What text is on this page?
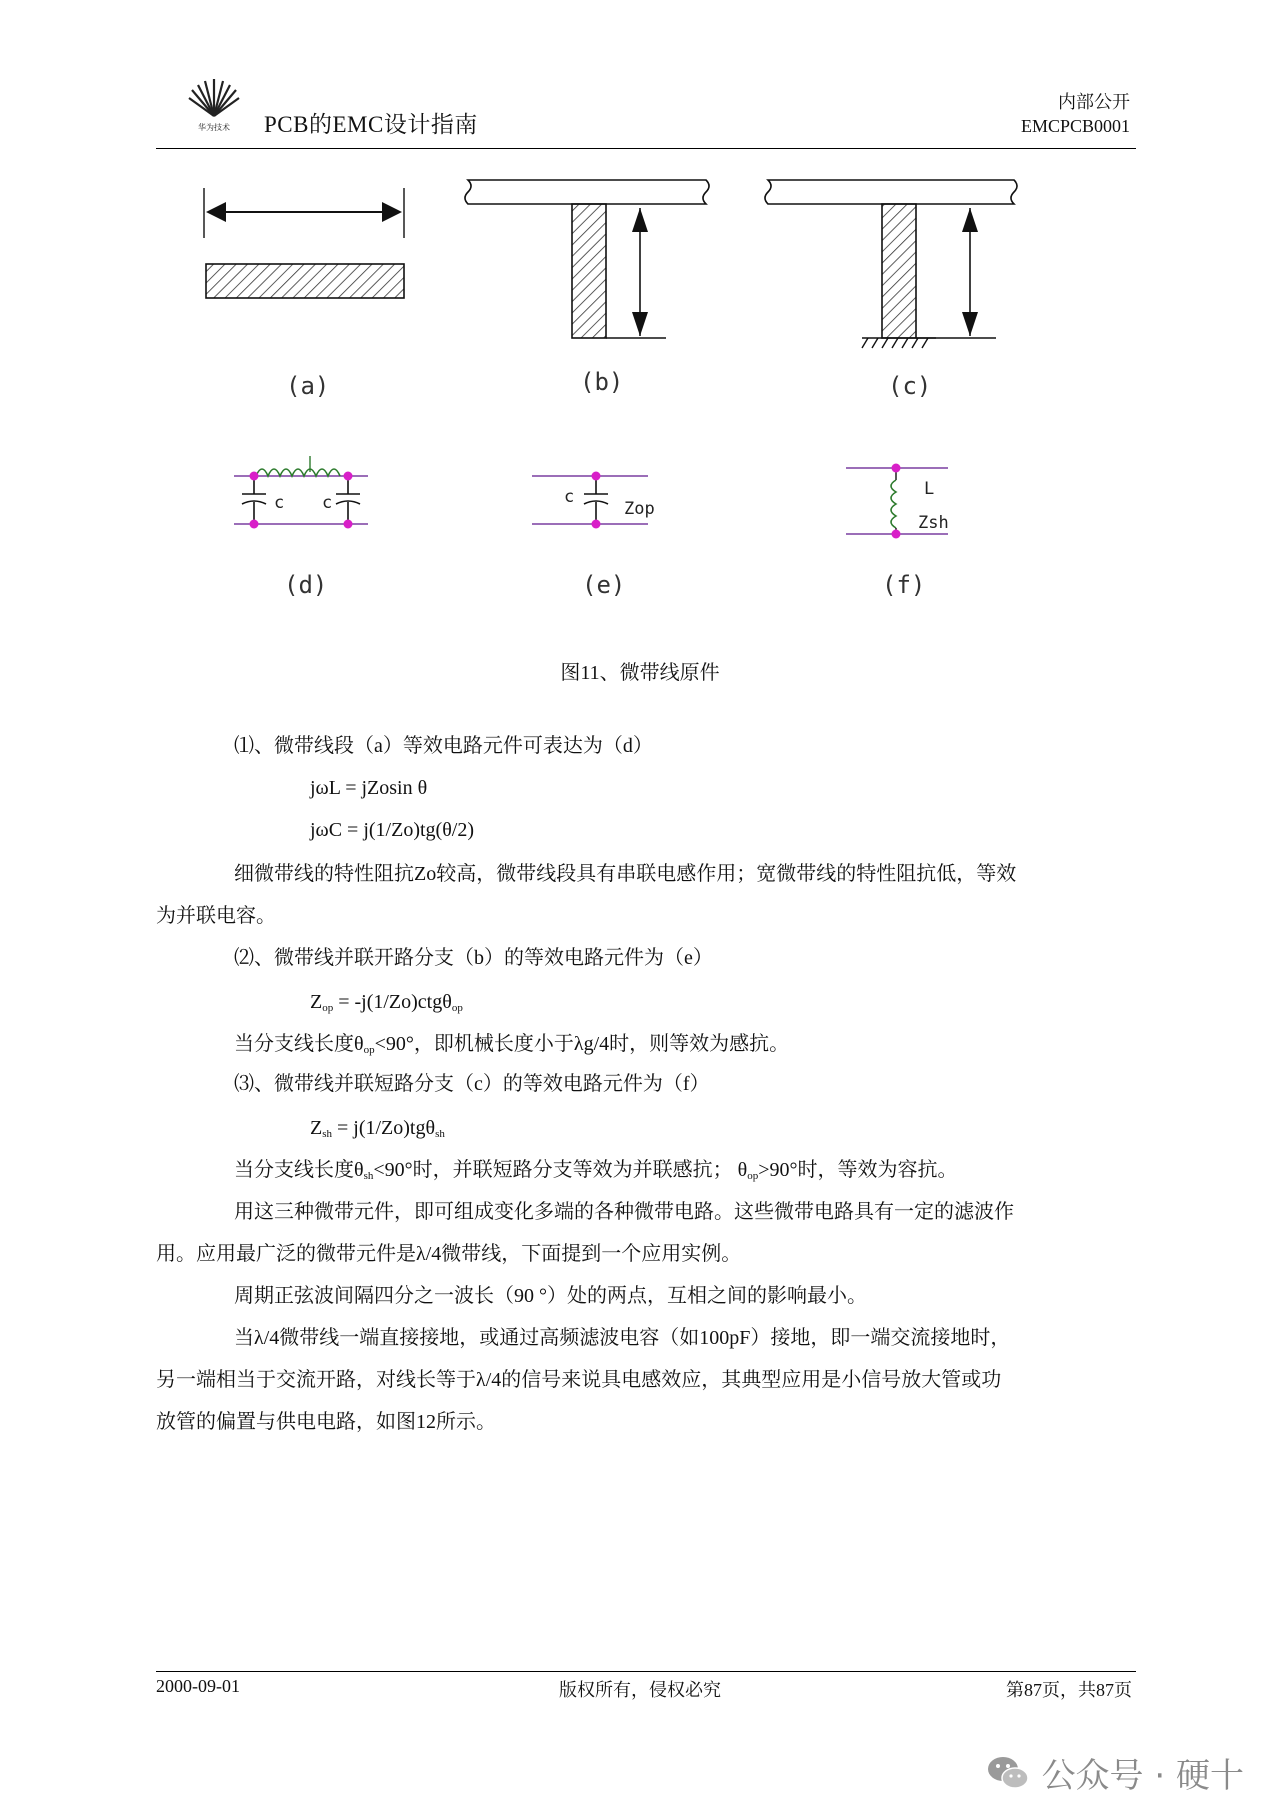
华为技术 PCB的EMC设计指南
内部公开
EMCPCB0001
(a)	(b)	(c)
c c	c
Zop
L
Zsh
(d)	(e)	(f)
图11、微带线原件
⑴、微带线段（a）等效电路元件可表达为（d）
jωL = jZosin θ
jωC = j(1/Zo)tg(θ/2)
细微带线的特性阻抗Zo较高，微带线段具有串联电感作用；宽微带线的特性阻抗低，等效
为并联电容。
⑵、微带线并联开路分支（b）的等效电路元件为（e）
$Z_{op} = -j(1/Zo)ctg\theta_{op}$
当分支线长度$\theta_{op}<90^\circ$，即机械长度小于λg/4时，则等效为感抗。
⑶、微带线并联短路分支（c）的等效电路元件为（f）
$Z_{sh} = j(1/Zo)tg\theta_{sh}$
当分支线长度$\theta_{sh}<90^\circ$时，并联短路分支等效为并联感抗； $\theta_{op}>90^\circ$时，等效为容抗。
用这三种微带元件，即可组成变化多端的各种微带电路。这些微带电路具有一定的滤波作
用。应用最广泛的微带元件是λ/4微带线，下面提到一个应用实例。
周期正弦波间隔四分之一波长（90 °）处的两点，互相之间的影响最小。
当λ/4微带线一端直接接地，或通过高频滤波电容（如100pF）接地，即一端交流接地时，
另一端相当于交流开路，对线长等于λ/4的信号来说具电感效应，其典型应用是小信号放大管或功
放管的偏置与供电电路，如图12所示。
2000-09-01	版权所有，侵权必究	第87页，共87页
公众号 · 硬十
